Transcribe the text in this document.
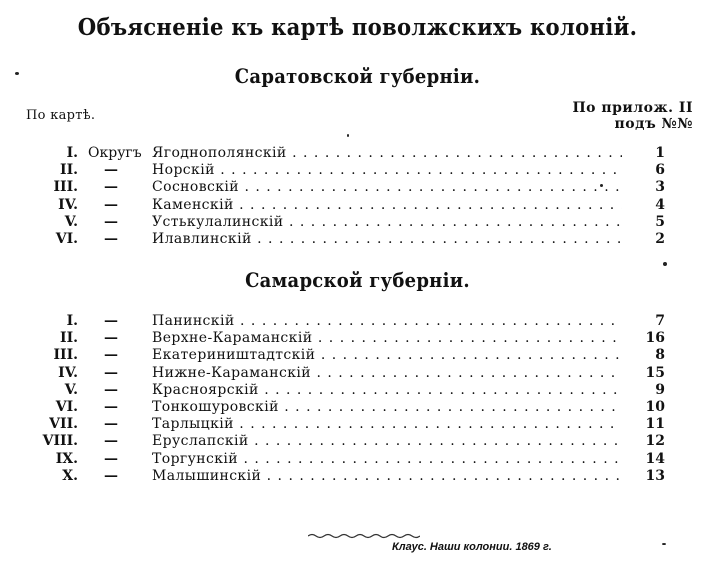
Объясненіе къ картѣ поволжскихъ колоній.
Саратовской губерніи.
По картѣ.	По прилож. II
подъ №№
I. Округъ Ягоднополянскій . .	1
II. — Норскій . .	6
III. — Сосновскій . .	3
IV. — Каменскій . .	4
V. — Устькулалинскій . .	5
VI. — Илавлинскій . .	2
Самарской губерніи.
I. — Панинскій . .	7
II. — Верхне-Караманскій . .	16
III. — Екатериништадтскій . .	8
IV. — Нижне-Караманскій . .	15
V. — Красноярскій . .	9
VI. — Тонкошуровскій . .	10
VII. — Тарлыцкій . .	11
VIII. — Еруслапскій . .	12
IX. — Торгунскій . .	14
X. — Малышинскій . .	13
Клаус. Наши колонии. 1869 г.
